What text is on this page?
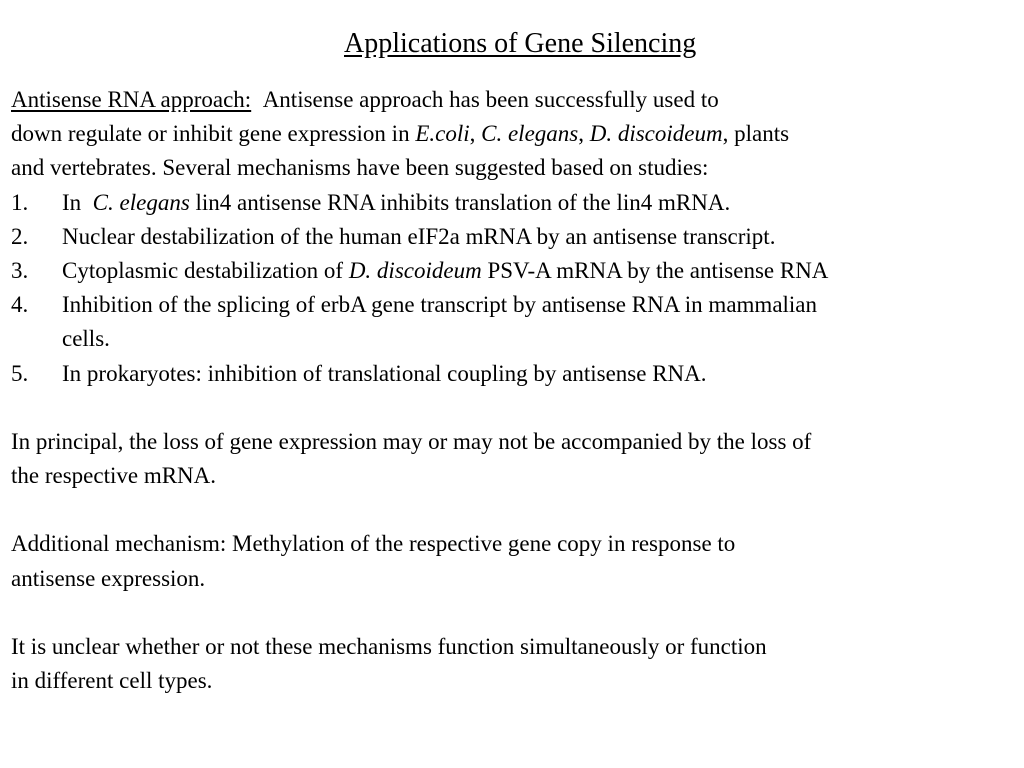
Applications of Gene Silencing
Antisense RNA approach: Antisense approach has been successfully used to
down regulate or inhibit gene expression in E.coli, C. elegans, D. discoideum, plants
and vertebrates. Several mechanisms have been suggested based on studies:
1.	In  C. elegans lin4 antisense RNA inhibits translation of the lin4 mRNA.
2.	Nuclear destabilization of the human eIF2a mRNA by an antisense transcript.
3.	Cytoplasmic destabilization of D. discoideum PSV-A mRNA by the antisense RNA
4.	Inhibition of the splicing of erbA gene transcript by antisense RNA in mammalian
cells.
5.	In prokaryotes: inhibition of translational coupling by antisense RNA.
In principal, the loss of gene expression may or may not be accompanied by the loss of
the respective mRNA.
Additional mechanism: Methylation of the respective gene copy in response to
antisense expression.
It is unclear whether or not these mechanisms function simultaneously or function
in different cell types.
